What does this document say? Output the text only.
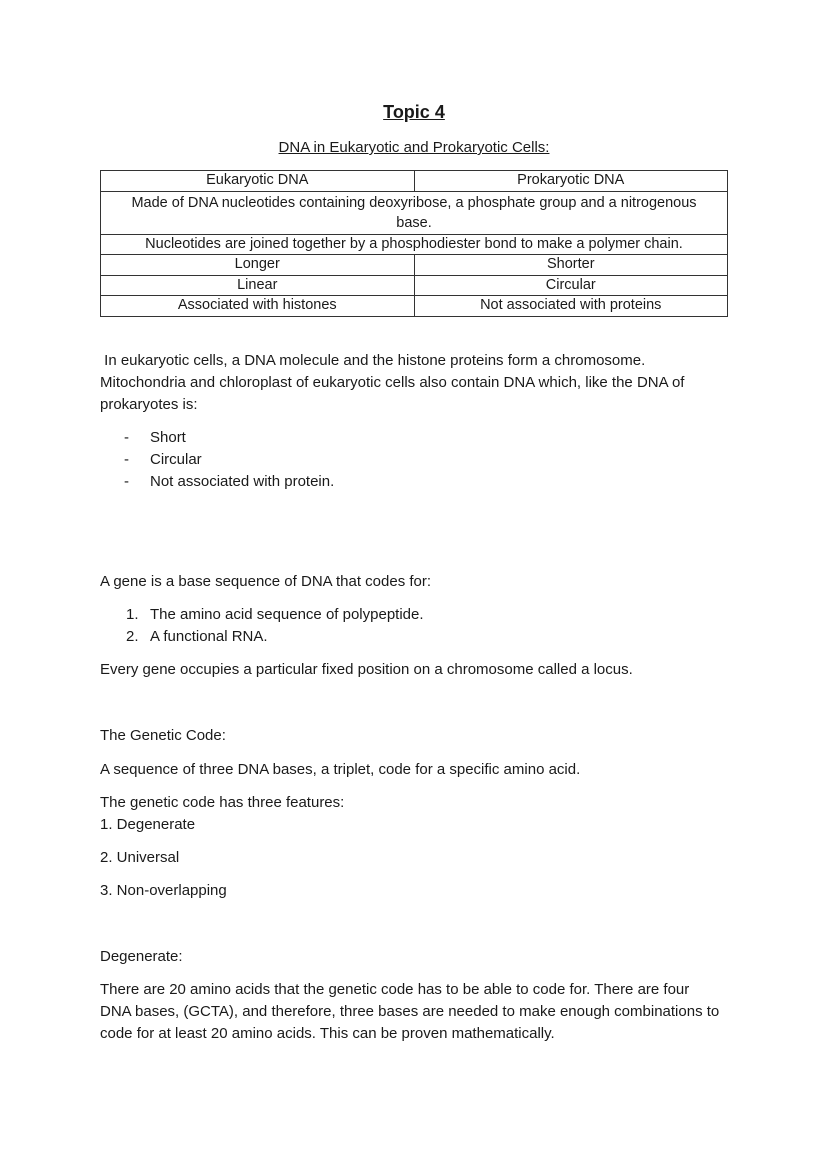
Topic 4
DNA in Eukaryotic and Prokaryotic Cells:
Eukaryotic DNA	Prokaryotic DNA
Made of DNA nucleotides containing deoxyribose, a phosphate group and a nitrogenous base.	
Nucleotides are joined together by a phosphodiester bond to make a polymer chain.	
Longer	Shorter
Linear	Circular
Associated with histones	Not associated with proteins
In eukaryotic cells, a DNA molecule and the histone proteins form a chromosome.
Mitochondria and chloroplast of eukaryotic cells also contain DNA which, like the DNA of
prokaryotes is:
- Short
- Circular
- Not associated with protein.
A gene is a base sequence of DNA that codes for:
1. The amino acid sequence of polypeptide.
2. A functional RNA.
Every gene occupies a particular fixed position on a chromosome called a locus.
The Genetic Code:
A sequence of three DNA bases, a triplet, code for a specific amino acid.
The genetic code has three features:
1. Degenerate
2. Universal
3. Non-overlapping
Degenerate:
There are 20 amino acids that the genetic code has to be able to code for. There are four
DNA bases, (GCTA), and therefore, three bases are needed to make enough combinations to
code for at least 20 amino acids. This can be proven mathematically.
